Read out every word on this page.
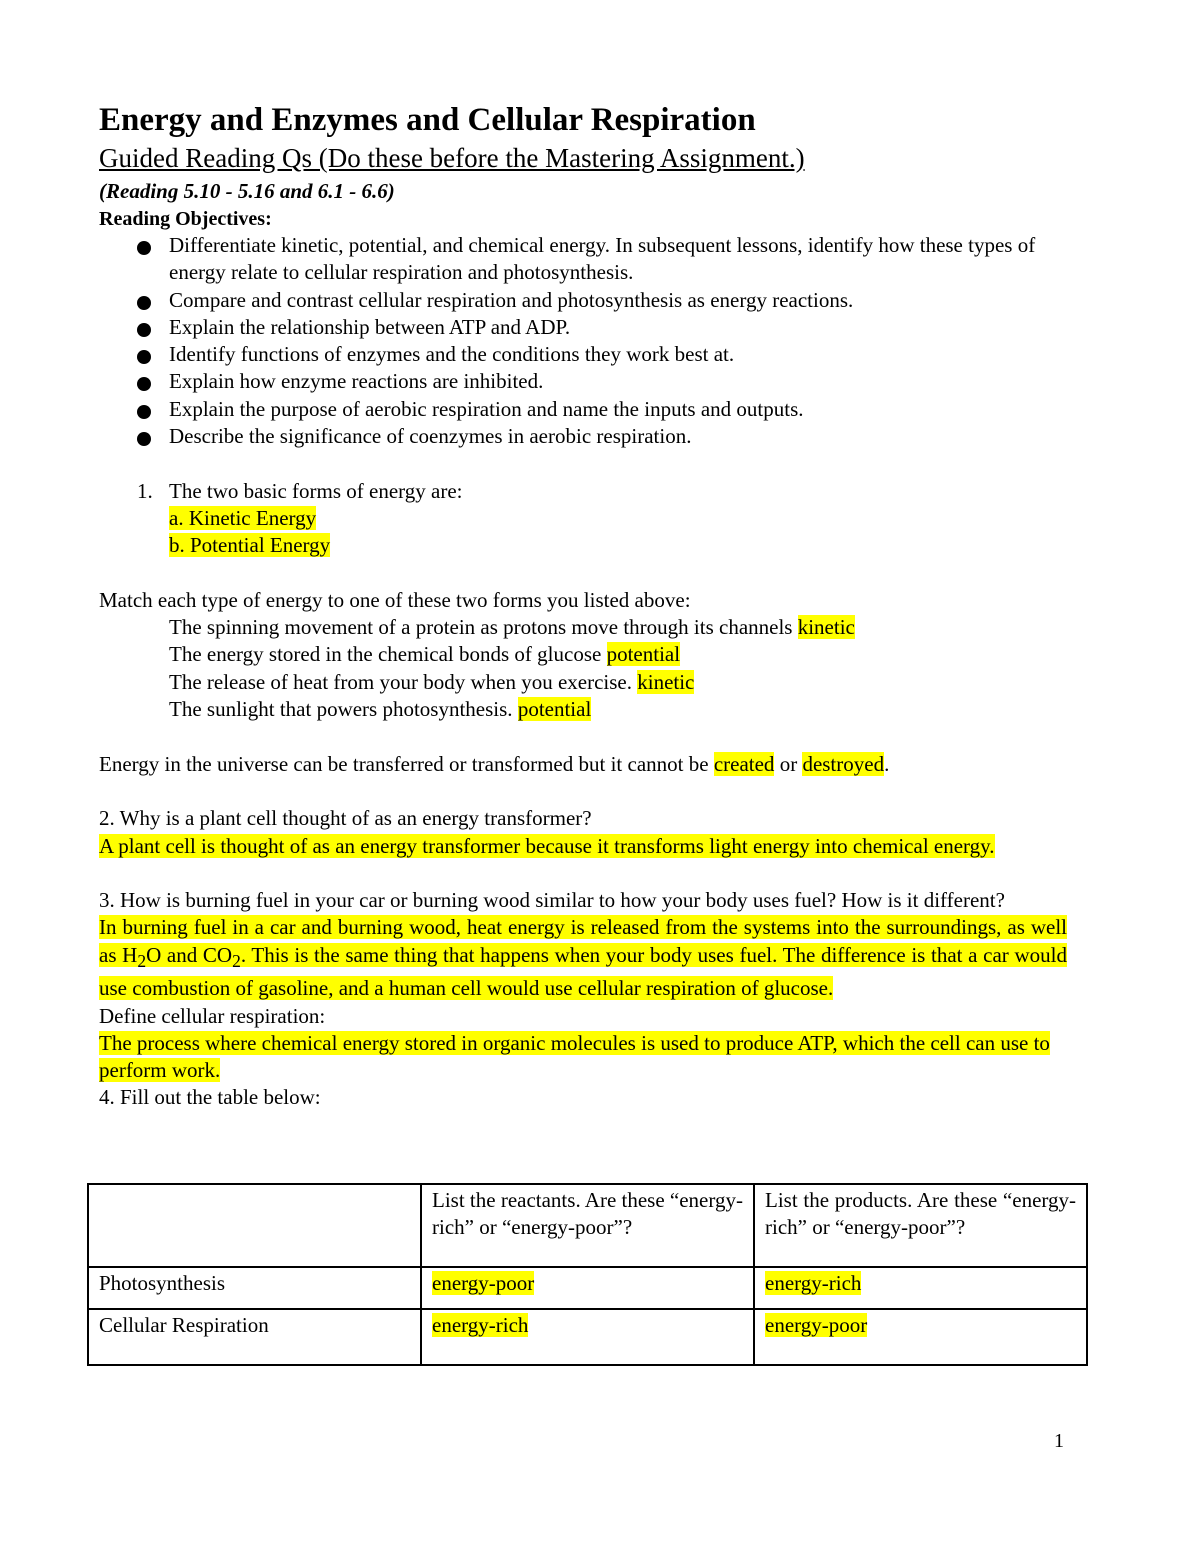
Energy and Enzymes and Cellular Respiration
Guided Reading Qs (Do these before the Mastering Assignment.)
(Reading 5.10 - 5.16 and 6.1 - 6.6)
Reading Objectives:
Differentiate kinetic, potential, and chemical energy. In subsequent lessons, identify how these types of energy relate to cellular respiration and photosynthesis.
Compare and contrast cellular respiration and photosynthesis as energy reactions.
Explain the relationship between ATP and ADP.
Identify functions of enzymes and the conditions they work best at.
Explain how enzyme reactions are inhibited.
Explain the purpose of aerobic respiration and name the inputs and outputs.
Describe the significance of coenzymes in aerobic respiration.
1. The two basic forms of energy are:
a. Kinetic Energy
b. Potential Energy
Match each type of energy to one of these two forms you listed above:
The spinning movement of a protein as protons move through its channels kinetic
The energy stored in the chemical bonds of glucose potential
The release of heat from your body when you exercise. kinetic
The sunlight that powers photosynthesis. potential
Energy in the universe can be transferred or transformed but it cannot be created or destroyed.
2. Why is a plant cell thought of as an energy transformer?
A plant cell is thought of as an energy transformer because it transforms light energy into chemical energy.
3. How is burning fuel in your car or burning wood similar to how your body uses fuel? How is it different?
In burning fuel in a car and burning wood, heat energy is released from the systems into the surroundings, as well as $H_2O$ and $CO_2$. This is the same thing that happens when your body uses fuel. The difference is that a car would use combustion of gasoline, and a human cell would use cellular respiration of glucose.
Define cellular respiration:
The process where chemical energy stored in organic molecules is used to produce ATP, which the cell can use to perform work.
4. Fill out the table below:
	List the reactants. Are these “energy-rich” or “energy-poor”?	List the products. Are these “energy-rich” or “energy-poor”?
Photosynthesis	energy-poor	energy-rich
Cellular Respiration	energy-rich	energy-poor
1
